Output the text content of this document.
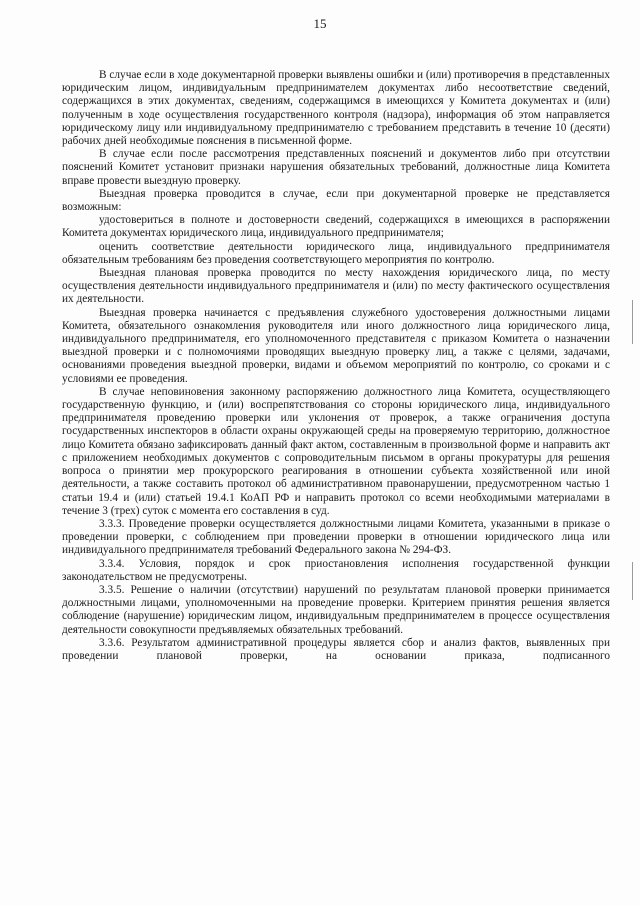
15

В случае если в ходе документарной проверки выявлены ошибки и (или) противоречия в представленных юридическим лицом, индивидуальным предпринимателем документах либо несоответствие сведений, содержащихся в этих документах, сведениям, содержащимся в имеющихся у Комитета документах и (или) полученным в ходе осуществления государственного контроля (надзора), информация об этом направляется юридическому лицу или индивидуальному предпринимателю с требованием представить в течение 10 (десяти) рабочих дней необходимые пояснения в письменной форме.

В случае если после рассмотрения представленных пояснений и документов либо при отсутствии пояснений Комитет установит признаки нарушения обязательных требований, должностные лица Комитета вправе провести выездную проверку.

Выездная проверка проводится в случае, если при документарной проверке не представляется возможным:

удостовериться в полноте и достоверности сведений, содержащихся в имеющихся в распоряжении Комитета документах юридического лица, индивидуального предпринимателя;

оценить соответствие деятельности юридического лица, индивидуального предпринимателя обязательным требованиям без проведения соответствующего мероприятия по контролю.

Выездная плановая проверка проводится по месту нахождения юридического лица, по месту осуществления деятельности индивидуального предпринимателя и (или) по месту фактического осуществления их деятельности.

Выездная проверка начинается с предъявления служебного удостоверения должностными лицами Комитета, обязательного ознакомления руководителя или иного должностного лица юридического лица, индивидуального предпринимателя, его уполномоченного представителя с приказом Комитета о назначении выездной проверки и с полномочиями проводящих выездную проверку лиц, а также с целями, задачами, основаниями проведения выездной проверки, видами и объемом мероприятий по контролю, со сроками и с условиями ее проведения.

В случае неповиновения законному распоряжению должностного лица Комитета, осуществляющего государственную функцию, и (или) воспрепятствования со стороны юридического лица, индивидуального предпринимателя проведению проверки или уклонения от проверок, а также ограничения доступа государственных инспекторов в области охраны окружающей среды на проверяемую территорию, должностное лицо Комитета обязано зафиксировать данный факт актом, составленным в произвольной форме и направить акт с приложением необходимых документов с сопроводительным письмом в органы прокуратуры для решения вопроса о принятии мер прокурорского реагирования в отношении субъекта хозяйственной или иной деятельности, а также составить протокол об административном правонарушении, предусмотренном частью 1 статьи 19.4 и (или) статьей 19.4.1 КоАП РФ и направить протокол со всеми необходимыми материалами в течение 3 (трех) суток с момента его составления в суд.

3.3.3. Проведение проверки осуществляется должностными лицами Комитета, указанными в приказе о проведении проверки, с соблюдением при проведении проверки в отношении юридического лица или индивидуального предпринимателя требований Федерального закона № 294-ФЗ.

3.3.4. Условия, порядок и срок приостановления исполнения государственной функции законодательством не предусмотрены.

3.3.5. Решение о наличии (отсутствии) нарушений по результатам плановой проверки принимается должностными лицами, уполномоченными на проведение проверки. Критерием принятия решения является соблюдение (нарушение) юридическим лицом, индивидуальным предпринимателем в процессе осуществления деятельности совокупности предъявляемых обязательных требований.

3.3.6. Результатом административной процедуры является сбор и анализ фактов, выявленных при проведении плановой проверки, на основании приказа, подписанного
